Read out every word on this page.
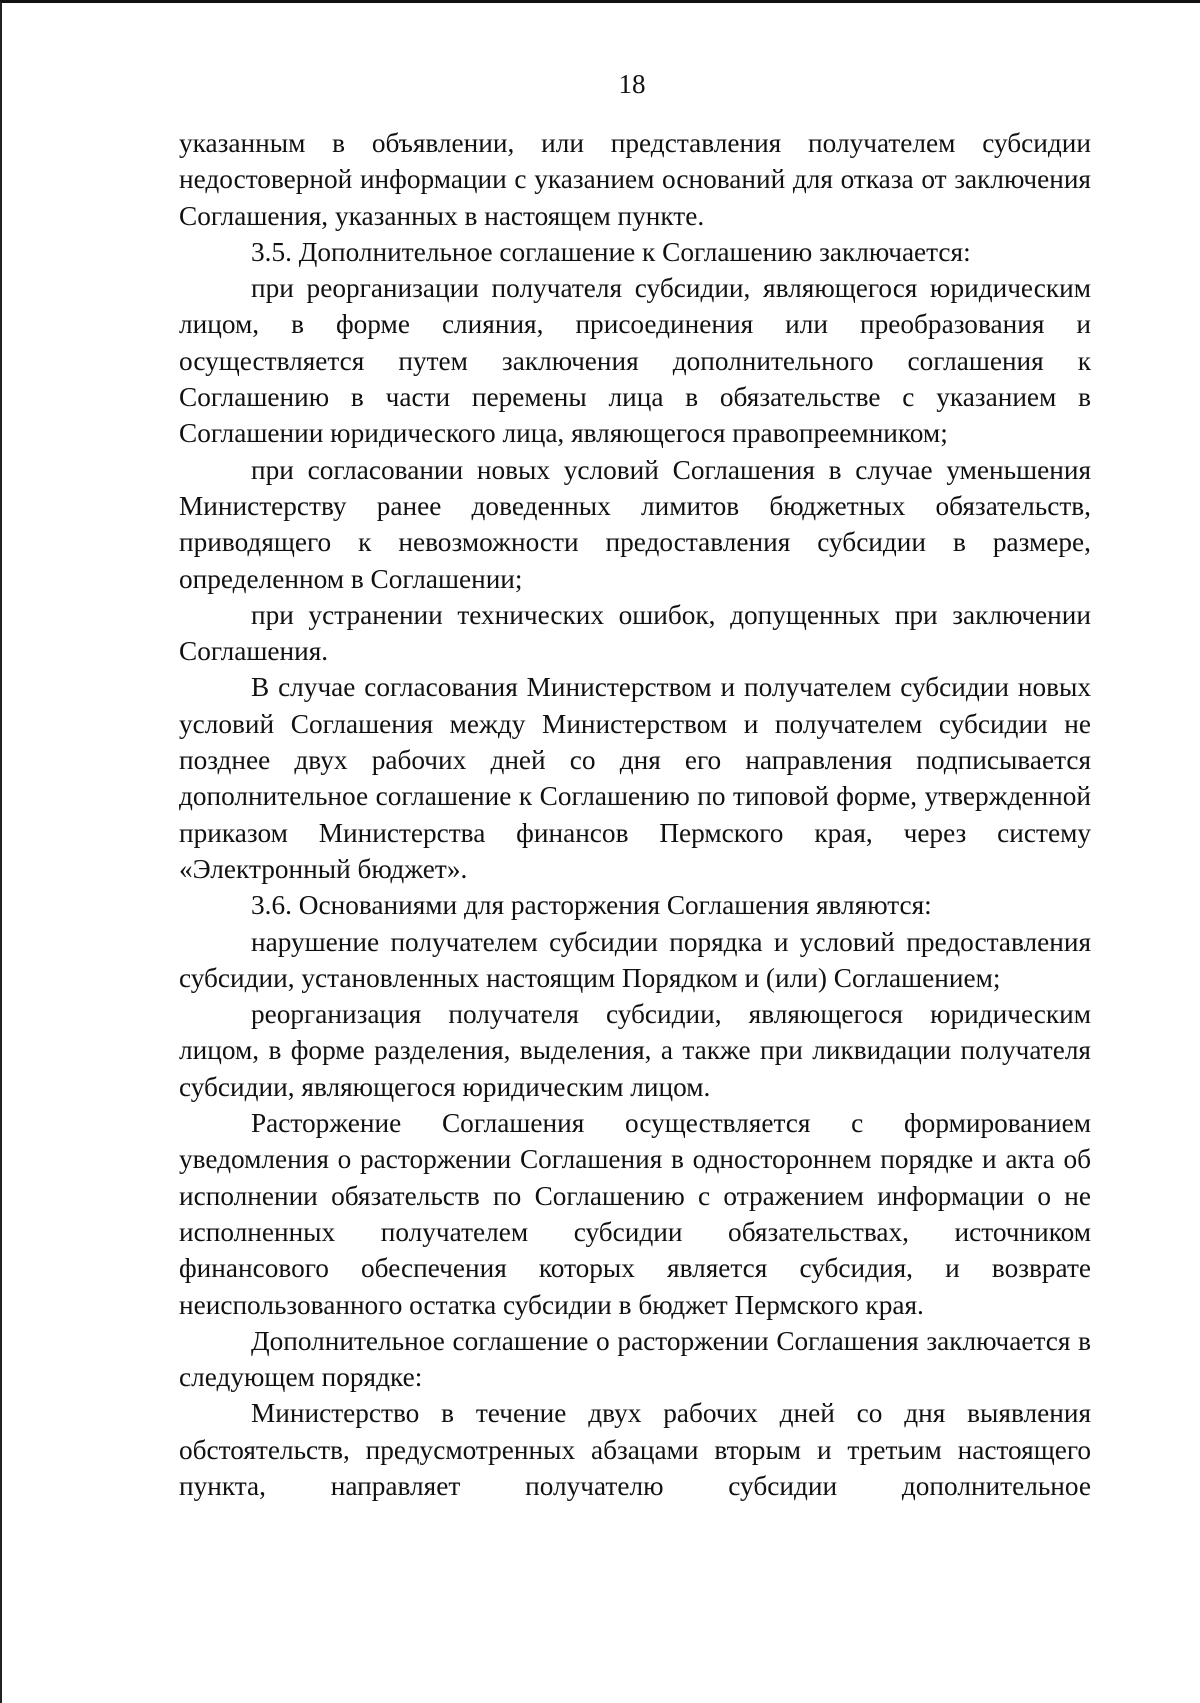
18

указанным в объявлении, или представления получателем субсидии недостоверной информации с указанием оснований для отказа от заключения Соглашения, указанных в настоящем пункте.

3.5. Дополнительное соглашение к Соглашению заключается:

при реорганизации получателя субсидии, являющегося юридическим лицом, в форме слияния, присоединения или преобразования и осуществляется путем заключения дополнительного соглашения к Соглашению в части перемены лица в обязательстве с указанием в Соглашении юридического лица, являющегося правопреемником;

при согласовании новых условий Соглашения в случае уменьшения Министерству ранее доведенных лимитов бюджетных обязательств, приводящего к невозможности предоставления субсидии в размере, определенном в Соглашении;

при устранении технических ошибок, допущенных при заключении Соглашения.

В случае согласования Министерством и получателем субсидии новых условий Соглашения между Министерством и получателем субсидии не позднее двух рабочих дней со дня его направления подписывается дополнительное соглашение к Соглашению по типовой форме, утвержденной приказом Министерства финансов Пермского края, через систему «Электронный бюджет».

3.6. Основаниями для расторжения Соглашения являются:

нарушение получателем субсидии порядка и условий предоставления субсидии, установленных настоящим Порядком и (или) Соглашением;

реорганизация получателя субсидии, являющегося юридическим лицом, в форме разделения, выделения, а также при ликвидации получателя субсидии, являющегося юридическим лицом.

Расторжение Соглашения осуществляется с формированием уведомления о расторжении Соглашения в одностороннем порядке и акта об исполнении обязательств по Соглашению с отражением информации о не исполненных получателем субсидии обязательствах, источником финансового обеспечения которых является субсидия, и возврате неиспользованного остатка субсидии в бюджет Пермского края.

Дополнительное соглашение о расторжении Соглашения заключается в следующем порядке:

Министерство в течение двух рабочих дней со дня выявления обстоятельств, предусмотренных абзацами вторым и третьим настоящего пункта, направляет получателю субсидии дополнительное
